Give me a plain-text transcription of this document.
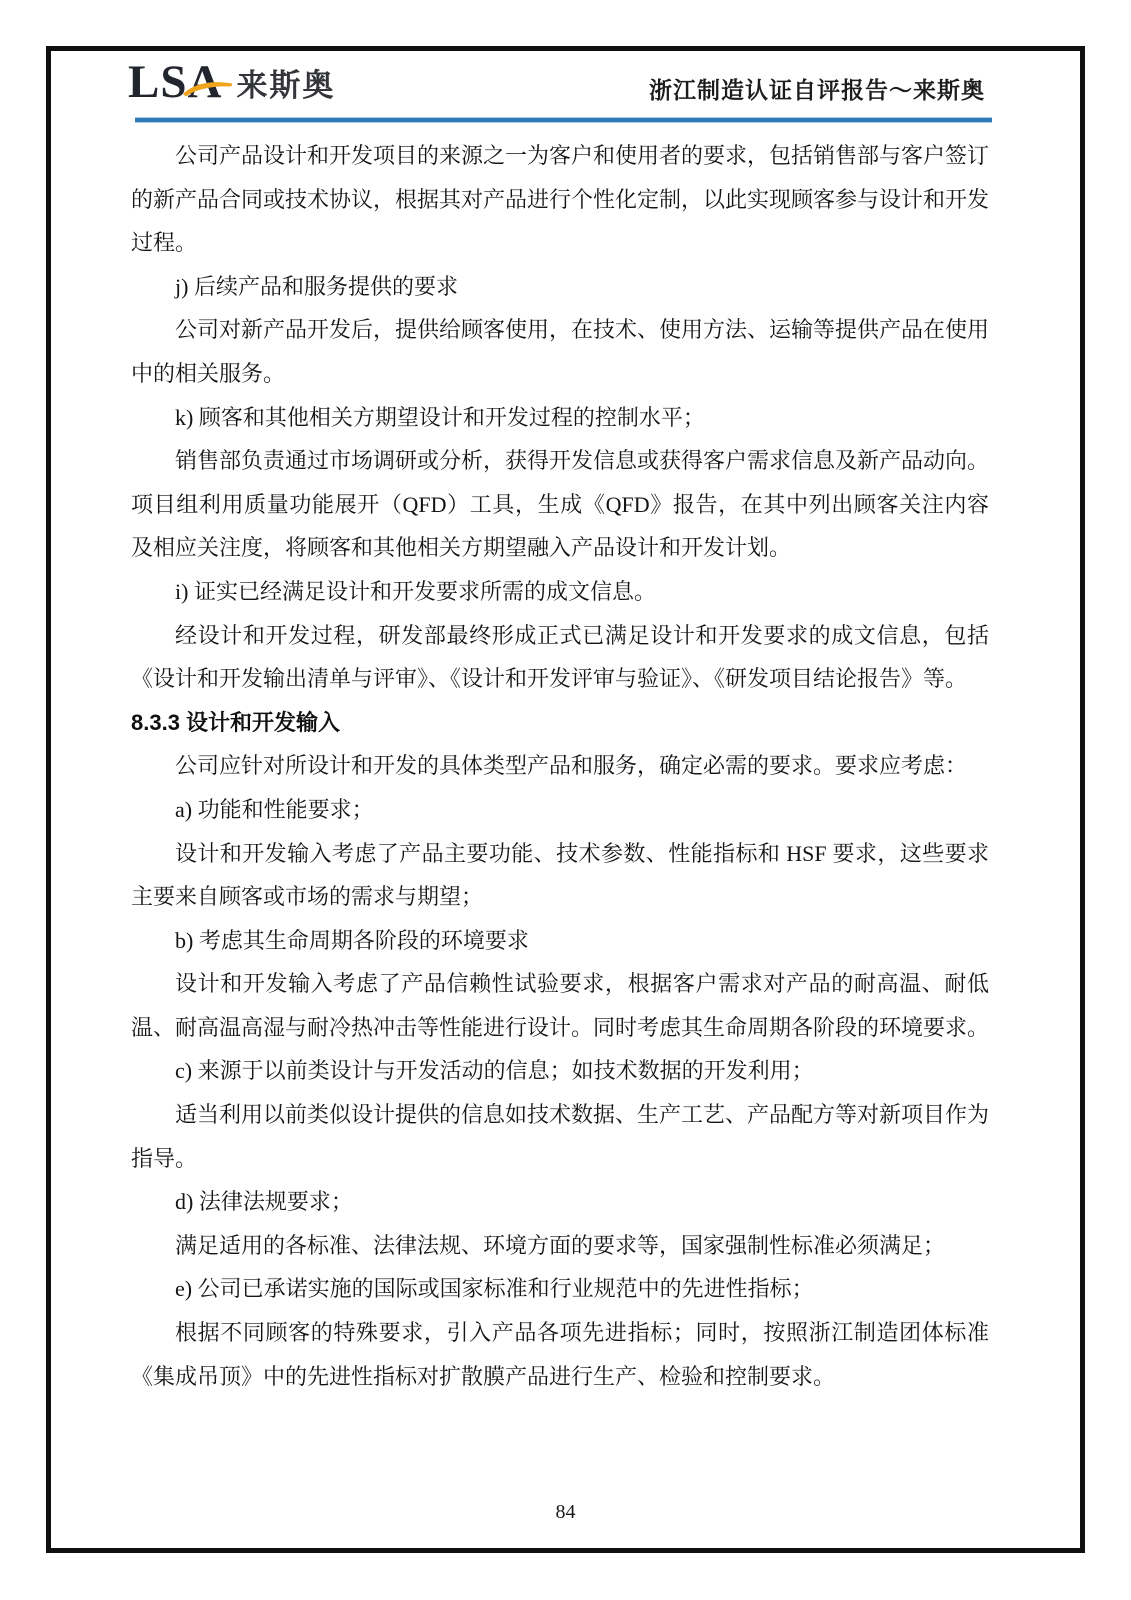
LSA 来斯奥	浙江制造认证自评报告～来斯奥
公司产品设计和开发项目的来源之一为客户和使用者的要求，包括销售部与客户签订的新产品合同或技术协议，根据其对产品进行个性化定制，以此实现顾客参与设计和开发过程。
j) 后续产品和服务提供的要求
公司对新产品开发后，提供给顾客使用，在技术、使用方法、运输等提供产品在使用中的相关服务。
k) 顾客和其他相关方期望设计和开发过程的控制水平；
销售部负责通过市场调研或分析，获得开发信息或获得客户需求信息及新产品动向。项目组利用质量功能展开（QFD）工具，生成《QFD》报告，在其中列出顾客关注内容及相应关注度，将顾客和其他相关方期望融入产品设计和开发计划。
i) 证实已经满足设计和开发要求所需的成文信息。
经设计和开发过程，研发部最终形成正式已满足设计和开发要求的成文信息，包括《设计和开发输出清单与评审》、《设计和开发评审与验证》、《研发项目结论报告》等。
8.3.3 设计和开发输入
公司应针对所设计和开发的具体类型产品和服务，确定必需的要求。要求应考虑：
a) 功能和性能要求；
设计和开发输入考虑了产品主要功能、技术参数、性能指标和 HSF 要求，这些要求主要来自顾客或市场的需求与期望；
b) 考虑其生命周期各阶段的环境要求
设计和开发输入考虑了产品信赖性试验要求，根据客户需求对产品的耐高温、耐低温、耐高温高湿与耐冷热冲击等性能进行设计。同时考虑其生命周期各阶段的环境要求。
c) 来源于以前类设计与开发活动的信息；如技术数据的开发利用；
适当利用以前类似设计提供的信息如技术数据、生产工艺、产品配方等对新项目作为指导。
d) 法律法规要求；
满足适用的各标准、法律法规、环境方面的要求等，国家强制性标准必须满足；
e) 公司已承诺实施的国际或国家标准和行业规范中的先进性指标；
根据不同顾客的特殊要求，引入产品各项先进指标；同时，按照浙江制造团体标准《集成吊顶》中的先进性指标对扩散膜产品进行生产、检验和控制要求。
84
